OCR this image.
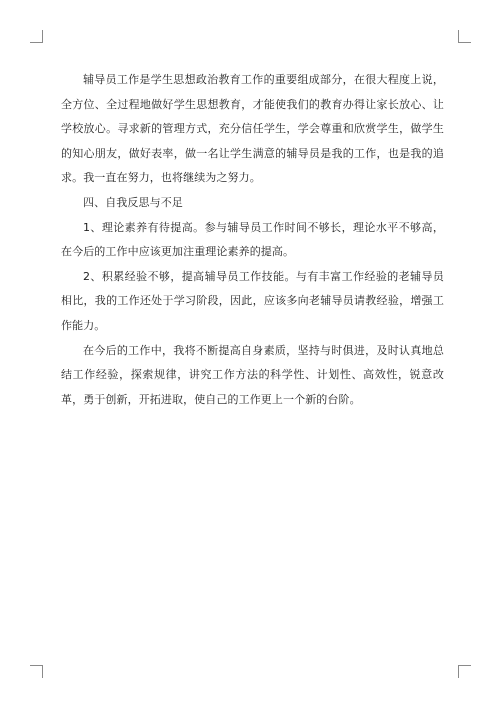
辅导员工作是学生思想政治教育工作的重要组成部分，在很大程度上说，全方位、全过程地做好学生思想教育，才能使我们的教育办得让家长放心、让学校放心。寻求新的管理方式，充分信任学生，学会尊重和欣赏学生，做学生的知心朋友，做好表率，做一名让学生满意的辅导员是我的工作，也是我的追求。我一直在努力，也将继续为之努力。

四、自我反思与不足

1、理论素养有待提高。参与辅导员工作时间不够长，理论水平不够高，在今后的工作中应该更加注重理论素养的提高。

2、积累经验不够，提高辅导员工作技能。与有丰富工作经验的老辅导员相比，我的工作还处于学习阶段，因此，应该多向老辅导员请教经验，增强工作能力。

在今后的工作中，我将不断提高自身素质，坚持与时俱进，及时认真地总结工作经验，探索规律，讲究工作方法的科学性、计划性、高效性，锐意改革，勇于创新，开拓进取，使自己的工作更上一个新的台阶。
